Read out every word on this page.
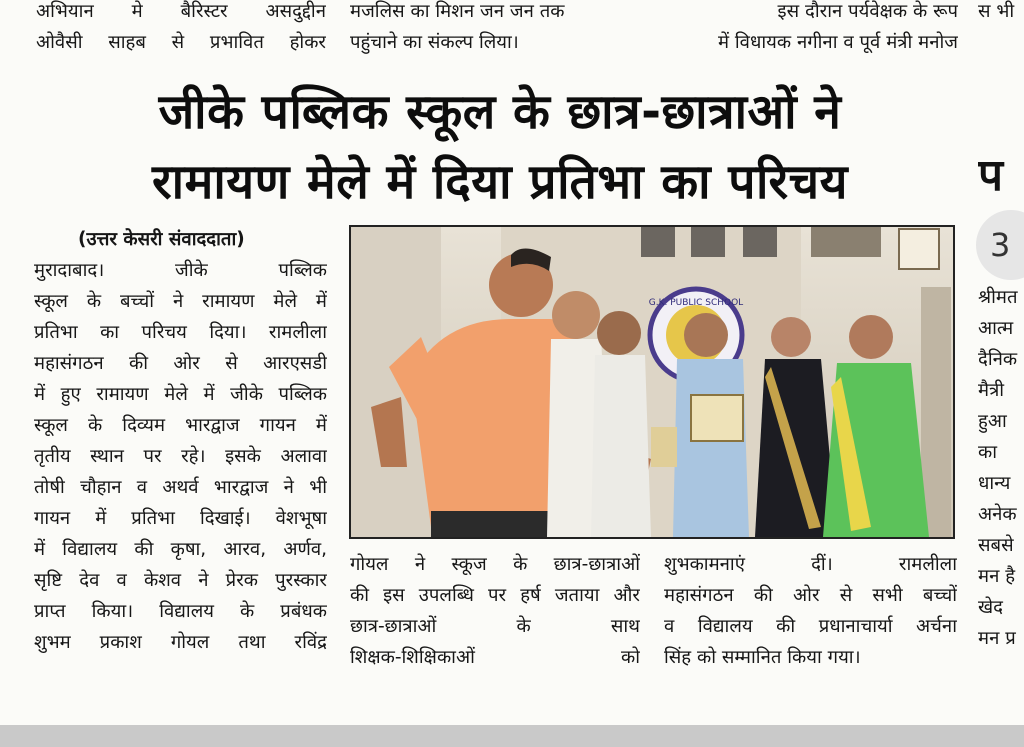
अभियान मे बैरिस्टर असदुद्दीन
ओवैसी साहब से प्रभावित होकर
मजलिस का मिशन जन जन तक
पहुंचाने का संकल्प लिया।
इस दौरान पर्यवेक्षक के रूप
में विधायक नगीना व पूर्व मंत्री मनोज
स भी
जीके पब्लिक स्कूल के छात्र-छात्राओं ने
रामायण मेले में दिया प्रतिभा का परिचय
(उत्तर केसरी संवाददाता)
मुरादाबाद। जीके पब्लिक
स्कूल के बच्चों ने रामायण मेले में
प्रतिभा का परिचय दिया। रामलीला
महासंगठन की ओर से आरएसडी
में हुए रामायण मेले में जीके पब्लिक
स्कूल के दिव्यम भारद्वाज गायन में
तृतीय स्थान पर रहे। इसके अलावा
तोषी चौहान व अथर्व भारद्वाज ने भी
गायन में प्रतिभा दिखाई। वेशभूषा
में विद्यालय की कृषा, आरव, अर्णव,
सृष्टि देव व केशव ने प्रेरक पुरस्कार
प्राप्त किया। विद्यालय के प्रबंधक
शुभम प्रकाश गोयल तथा रविंद्र
G.K. PUBLIC SCHOOL
गोयल ने स्कूज के छात्र-छात्राओं
की इस उपलब्धि पर हर्ष जताया और
छात्र-छात्राओं के साथ
शिक्षक-शिक्षिकाओं को
शुभकामनाएं दीं। रामलीला
महासंगठन की ओर से सभी बच्चों
व विद्यालय की प्रधानाचार्या अर्चना
सिंह को सम्मानित किया गया।
प
3
श्रीमत
आत्म
दैनिक
मैत्री
हुआ
का
धान्य
अनेक
सबसे
मन है
खेद
मन प्र
